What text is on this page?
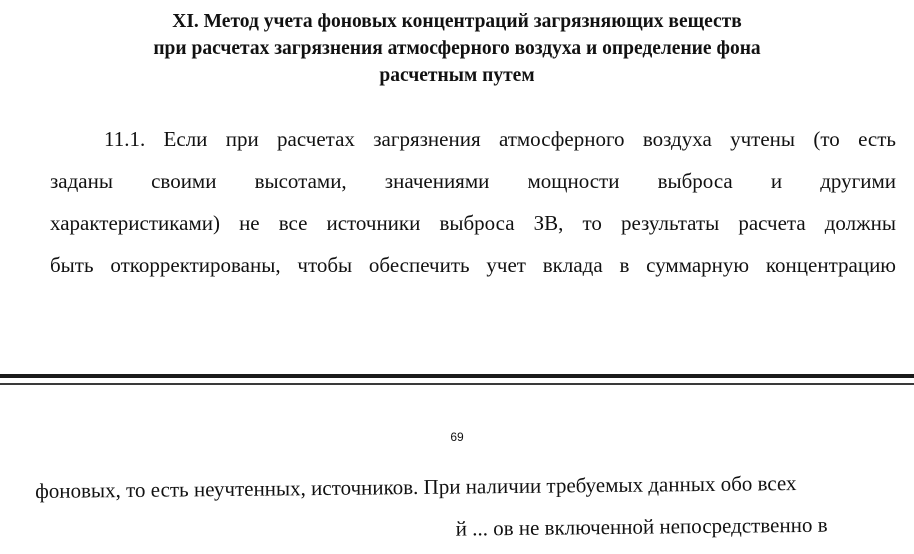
XI. Метод учета фоновых концентраций загрязняющих веществ
при расчетах загрязнения атмосферного воздуха и определение фона
расчетным путем
11.1. Если при расчетах загрязнения атмосферного воздуха учтены (то есть
заданы своими высотами, значениями мощности выброса и другими
характеристиками) не все источники выброса ЗВ, то результаты расчета должны
быть откорректированы, чтобы обеспечить учет вклада в суммарную концентрацию
69
фоновых, то есть неучтенных, источников. При наличии требуемых данных обо всех
й ... ов не включенной непосредственно в
